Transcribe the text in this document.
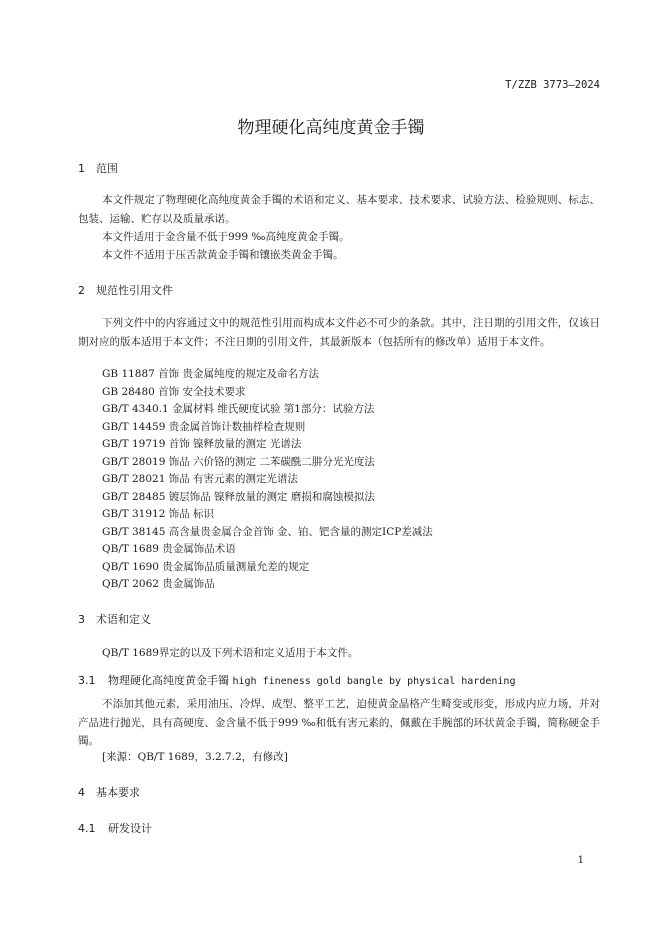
T/ZZB 3773—2024
物理硬化高纯度黄金手镯
1 范围
本文件规定了物理硬化高纯度黄金手镯的术语和定义、基本要求、技术要求、试验方法、检验规则、标志、包装、运输、贮存以及质量承诺。
本文件适用于金含量不低于999 ‰高纯度黄金手镯。
本文件不适用于压舌款黄金手镯和镶嵌类黄金手镯。
2 规范性引用文件
下列文件中的内容通过文中的规范性引用而构成本文件必不可少的条款。其中，注日期的引用文件，仅该日期对应的版本适用于本文件；不注日期的引用文件，其最新版本（包括所有的修改单）适用于本文件。
GB 11887 首饰 贵金属纯度的规定及命名方法
GB 28480 首饰 安全技术要求
GB/T 4340.1 金属材料 维氏硬度试验 第1部分：试验方法
GB/T 14459 贵金属首饰计数抽样检查规则
GB/T 19719 首饰 镍释放量的测定 光谱法
GB/T 28019 饰品 六价铬的测定 二苯碳酰二肼分光光度法
GB/T 28021 饰品 有害元素的测定光谱法
GB/T 28485 镀层饰品 镍释放量的测定 磨损和腐蚀模拟法
GB/T 31912 饰品 标识
GB/T 38145 高含量贵金属合金首饰 金、铂、钯含量的测定ICP差减法
QB/T 1689 贵金属饰品术语
QB/T 1690 贵金属饰品质量测量允差的规定
QB/T 2062 贵金属饰品
3 术语和定义
QB/T 1689界定的以及下列术语和定义适用于本文件。
3.1 物理硬化高纯度黄金手镯 high fineness gold bangle by physical hardening
不添加其他元素，采用油压、冷焊、成型、整平工艺，迫使黄金晶格产生畸变或形变，形成内应力场，并对产品进行抛光，具有高硬度、金含量不低于999 ‰和低有害元素的，佩戴在手腕部的环状黄金手镯，简称硬金手镯。
[来源：QB/T 1689，3.2.7.2，有修改]
4 基本要求
4.1 研发设计
1
